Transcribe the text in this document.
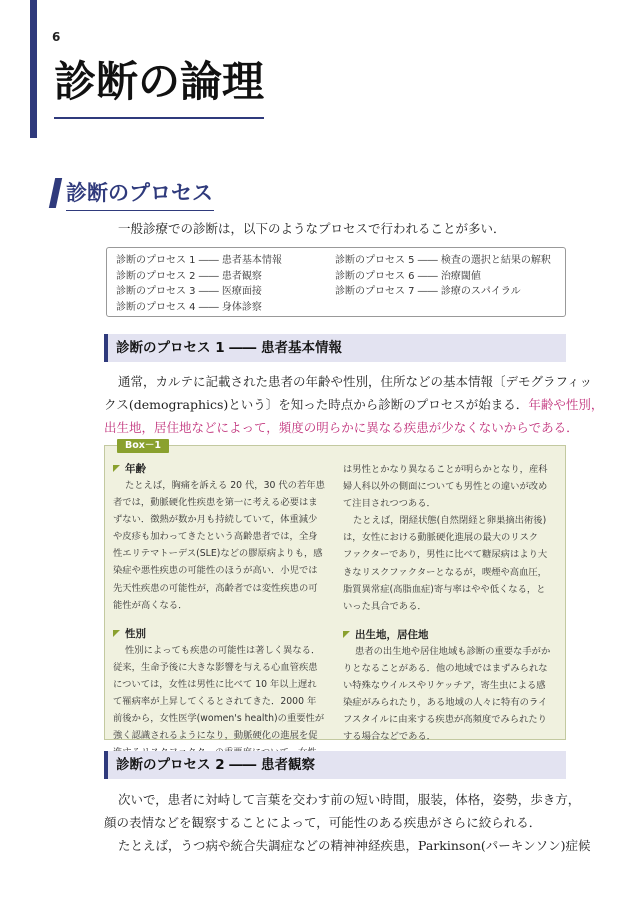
6
診断の論理
診断のプロセス
一般診療での診断は，以下のようなプロセスで行われることが多い．
診断のプロセス 1 ―― 患者基本情報
診断のプロセス 2 ―― 患者観察
診断のプロセス 3 ―― 医療面接
診断のプロセス 4 ―― 身体診察
診断のプロセス 5 ―― 検査の選択と結果の解釈
診断のプロセス 6 ―― 治療閾値
診断のプロセス 7 ―― 診療のスパイラル
診断のプロセス 1 ―― 患者基本情報
通常，カルテに記載された患者の年齢や性別，住所などの基本情報〔デモグラフィッ
クス(demographics)という〕を知った時点から診断のプロセスが始まる．年齢や性別，
出生地，居住地などによって，頻度の明らかに異なる疾患が少なくないからである．
Box－1
年齢
たとえば，胸痛を訴える 20 代，30 代の若年患
者では，動脈硬化性疾患を第一に考える必要はま
ずない．徴熱が数か月も持続していて，体重減少
や皮疹も加わってきたという高齢患者では，全身
性エリテマトーデス(SLE)などの膠原病よりも，感
染症や悪性疾患の可能性のほうが高い．小児では
先天性疾患の可能性が，高齢者では変性疾患の可
能性が高くなる．
性別
性別によっても疾患の可能性は著しく異なる．
従来，生命予後に大きな影響を与える心血管疾患
については，女性は男性に比べて 10 年以上遅れ
て罹病率が上昇してくるとされてきた．2000 年
前後から，女性医学(women's health)の重要性が
強く認識されるようになり，動脈硬化の進展を促
は男性とかなり異なることが明らかとなり，産科
婦人科以外の側面についても男性との違いが改め
て注目されつつある．
たとえば，閉経状態(自然閉経と卵巣摘出術後)
は，女性における動脈硬化進展の最大のリスク
ファクターであり，男性に比べて糖尿病はより大
きなリスクファクターとなるが，喫煙や高血圧，
脂質異常症(高脂血症)寄与率はやや低くなる，と
いった具合である．
出生地，居住地
患者の出生地や居住地域も診断の重要な手がか
りとなることがある．他の地域ではまずみられな
い特殊なウイルスやリケッチア，寄生虫による感
染症がみられたり，ある地域の人々に特有のライ
フスタイルに由来する疾患が高頻度でみられたり
する場合などである．
診断のプロセス 2 ―― 患者観察
次いで，患者に対峙して言葉を交わす前の短い時間，服装，体格，姿勢，歩き方，
顔の表情などを観察することによって，可能性のある疾患がさらに絞られる．
たとえば，うつ病や統合失調症などの精神神経疾患，Parkinson(パーキンソン)症候
